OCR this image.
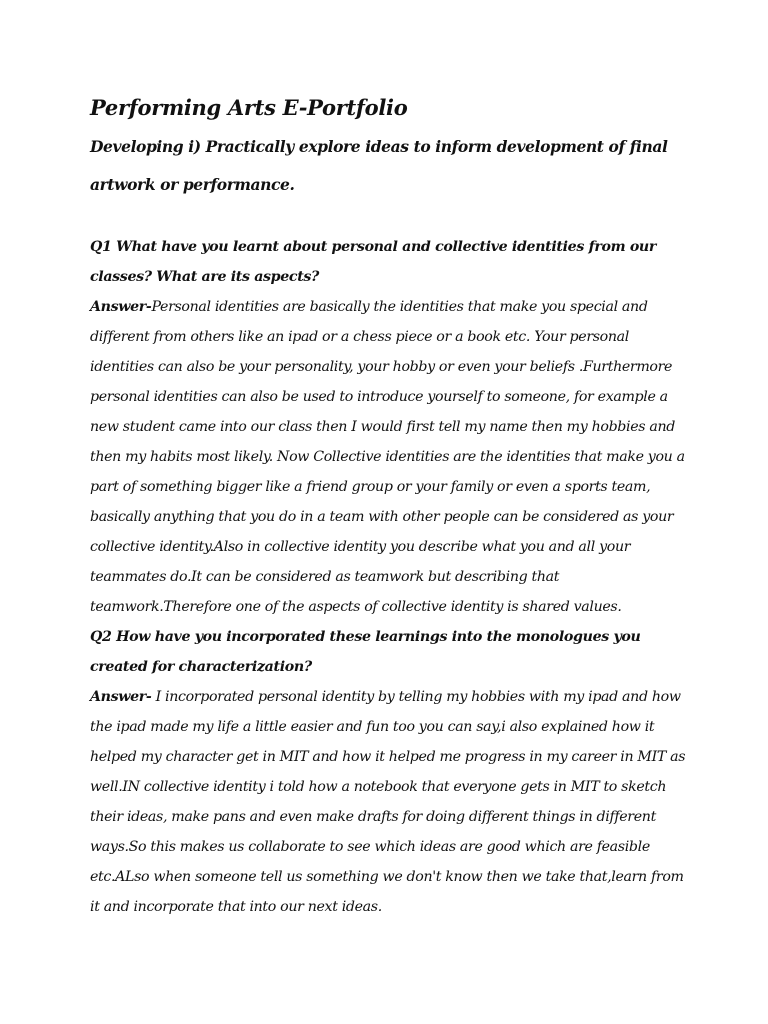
Performing Arts E-Portfolio
Developing i) Practically explore ideas to inform development of final artwork or performance.

Q1 What have you learnt about personal and collective identities from our classes? What are its aspects?

Answer-Personal identities are basically the identities that make you special and different from others like an ipad or a chess piece or a book etc. Your personal identities can also be your personality, your hobby or even your beliefs .Furthermore personal identities can also be used to introduce yourself to someone, for example a new student came into our class then I would first tell my name then my hobbies and then my habits most likely. Now Collective identities are the identities that make you a part of something bigger like a friend group or your family or even a sports team, basically anything that you do in a team with other people can be considered as your collective identity.Also in collective identity you describe what you and all your teammates do.It can be considered as teamwork but describing that teamwork.Therefore one of the aspects of collective identity is shared values.

Q2 How have you incorporated these learnings into the monologues you created for characterization?

Answer- I incorporated personal identity by telling my hobbies with my ipad and how the ipad made my life a little easier and fun too you can say,i also explained how it helped my character get in MIT and how it helped me progress in my career in MIT as well.IN collective identity i told how a notebook that everyone gets in MIT to sketch their ideas, make pans and even make drafts for doing different things in different ways.So this makes us collaborate to see which ideas are good which are feasible etc.ALso when someone tell us something we don't know then we take that,learn from it and incorporate that into our next ideas.
